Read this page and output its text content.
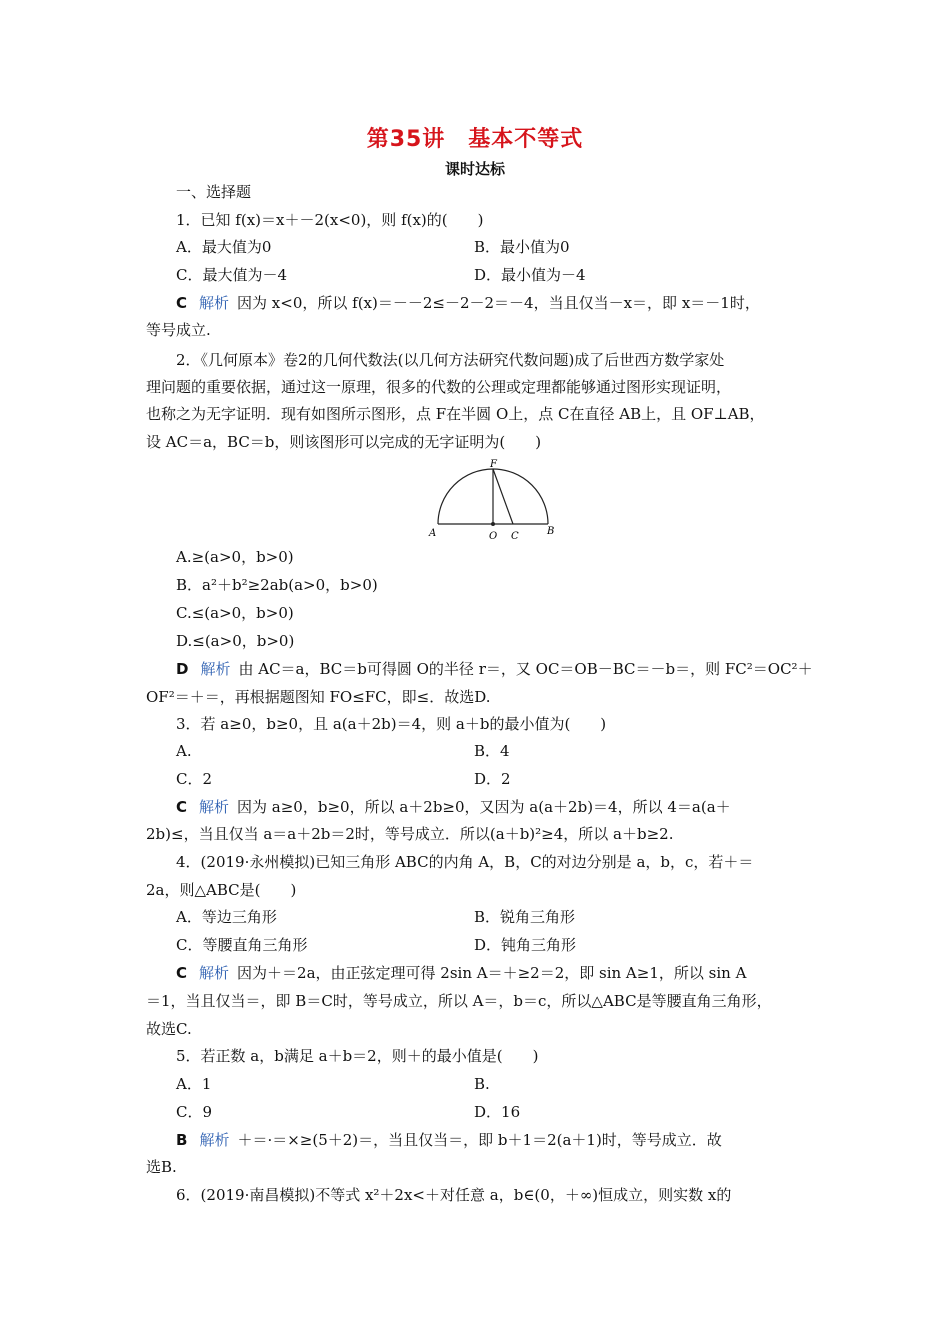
第35讲　基本不等式
课时达标
一、选择题
1．已知 f(x)＝x＋－2(x<0)，则 f(x)的(　　)
A．最大值为0	B．最小值为0
C．最大值为－4	D．最小值为－4
C 解析 因为 x<0，所以 f(x)＝－－2≤－2－2＝－4，当且仅当－x＝，即 x＝－1时，
等号成立.
2．《几何原本》卷2的几何代数法(以几何方法研究代数问题)成了后世西方数学家处
理问题的重要依据，通过这一原理，很多的代数的公理或定理都能够通过图形实现证明，
也称之为无字证明．现有如图所示图形，点 F在半圆 O上，点 C在直径 AB上，且 OF⊥AB，
设 AC＝a，BC＝b，则该图形可以完成的无字证明为(　　)
F
A	O C	B
A.≥(a>0，b>0)
B．a²＋b²≥2ab(a>0，b>0)
C.≤(a>0，b>0)
D.≤(a>0，b>0)
D 解析 由 AC＝a，BC＝b可得圆 O的半径 r＝，又 OC＝OB－BC＝－b＝，则 FC²＝OC²＋
OF²＝＋＝，再根据题图知 FO≤FC，即≤．故选D.
3．若 a≥0，b≥0，且 a(a＋2b)＝4，则 a＋b的最小值为(　　)
A.	B．4
C．2	D．2
C 解析 因为 a≥0，b≥0，所以 a＋2b≥0，又因为 a(a＋2b)＝4，所以 4＝a(a＋
2b)≤，当且仅当 a＝a＋2b＝2时，等号成立．所以(a＋b)²≥4，所以 a＋b≥2.
4．(2019·永州模拟)已知三角形 ABC的内角 A，B，C的对边分别是 a，b，c，若＋＝
2a，则△ABC是(　　)
A．等边三角形	B．锐角三角形
C．等腰直角三角形	D．钝角三角形
C 解析 因为＋＝2a，由正弦定理可得 2sin A＝＋≥2＝2，即 sin A≥1，所以 sin A
＝1，当且仅当＝，即 B＝C时，等号成立，所以 A＝，b＝c，所以△ABC是等腰直角三角形，
故选C.
5．若正数 a，b满足 a＋b＝2，则＋的最小值是(　　)
A．1	B.
C．9	D．16
B 解析 ＋＝·＝×≥(5＋2)＝，当且仅当＝，即 b＋1＝2(a＋1)时，等号成立．故
选B.
6．(2019·南昌模拟)不等式 x²＋2x<＋对任意 a，b∈(0，＋∞)恒成立，则实数 x的
